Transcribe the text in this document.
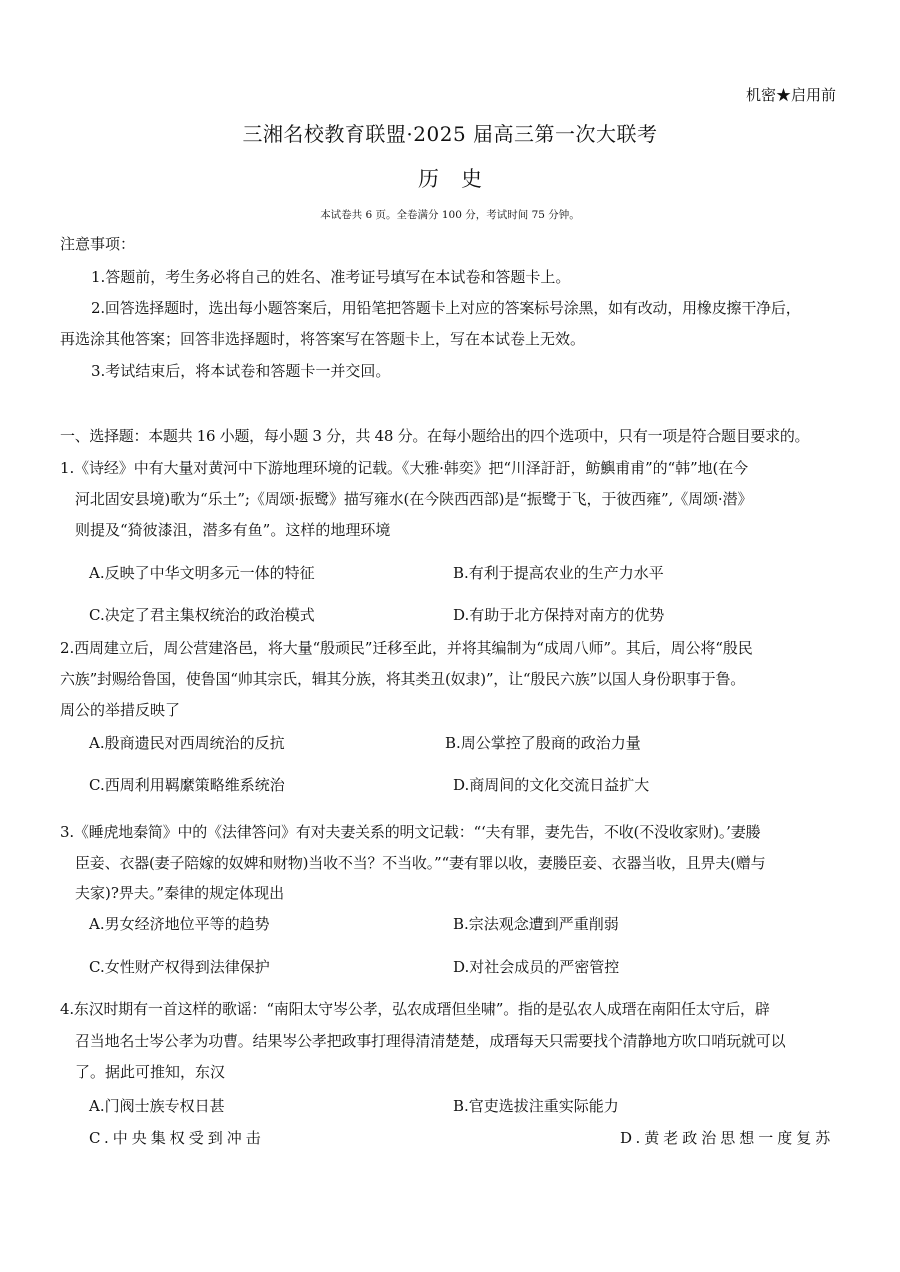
机密★启用前
三湘名校教育联盟·2025 届高三第一次大联考
历史
本试卷共 6 页。全卷满分 100 分，考试时间 75 分钟。
注意事项：
1.答题前，考生务必将自己的姓名、准考证号填写在本试卷和答题卡上。
2.回答选择题时，选出每小题答案后，用铅笔把答题卡上对应的答案标号涂黑，如有改动，用橡皮擦干净后，
再选涂其他答案；回答非选择题时，将答案写在答题卡上，写在本试卷上无效。
3.考试结束后，将本试卷和答题卡一并交回。
一、选择题：本题共 16 小题，每小题 3 分，共 48 分。在每小题给出的四个选项中，只有一项是符合题目要求的。
1.《诗经》中有大量对黄河中下游地理环境的记载。《大雅·韩奕》把“川泽訏訏，鲂鱮甫甫”的“韩”地(在今
河北固安县境)歌为“乐土”;《周颂·振鹭》描写雍水(在今陕西西部)是“振鹭于飞，于彼西雍”,《周颂·潜》
则提及“猗彼漆沮，潜多有鱼”。这样的地理环境
A.反映了中华文明多元一体的特征	B.有利于提高农业的生产力水平
C.决定了君主集权统治的政治模式	D.有助于北方保持对南方的优势
2.西周建立后，周公营建洛邑，将大量“殷顽民”迁移至此，并将其编制为“成周八师”。其后，周公将“殷民
六族”封赐给鲁国，使鲁国“帅其宗氏，辑其分族，将其类丑(奴隶)”，让“殷民六族”以国人身份职事于鲁。
周公的举措反映了
A.殷商遗民对西周统治的反抗	B.周公掌控了殷商的政治力量
C.西周利用羁縻策略维系统治	D.商周间的文化交流日益扩大
3.《睡虎地秦简》中的《法律答问》有对夫妻关系的明文记载：“‘夫有罪，妻先告，不收(不没收家财)。’妻媵
臣妾、衣器(妻子陪嫁的奴婢和财物)当收不当？不当收。”“妻有罪以收，妻媵臣妾、衣器当收，且畀夫(赠与
夫家)?畀夫。”秦律的规定体现出
A.男女经济地位平等的趋势	B.宗法观念遭到严重削弱
C.女性财产权得到法律保护	D.对社会成员的严密管控
4.东汉时期有一首这样的歌谣：“南阳太守岑公孝，弘农成瑨但坐啸”。指的是弘农人成瑨在南阳任太守后，辟
召当地名士岑公孝为功曹。结果岑公孝把政事打理得清清楚楚，成瑨每天只需要找个清静地方吹口哨玩就可以
了。据此可推知，东汉
A.门阀士族专权日甚	B.官吏选拔注重实际能力
C.中央集权受到冲击	D.黄老政治思想一度复苏
